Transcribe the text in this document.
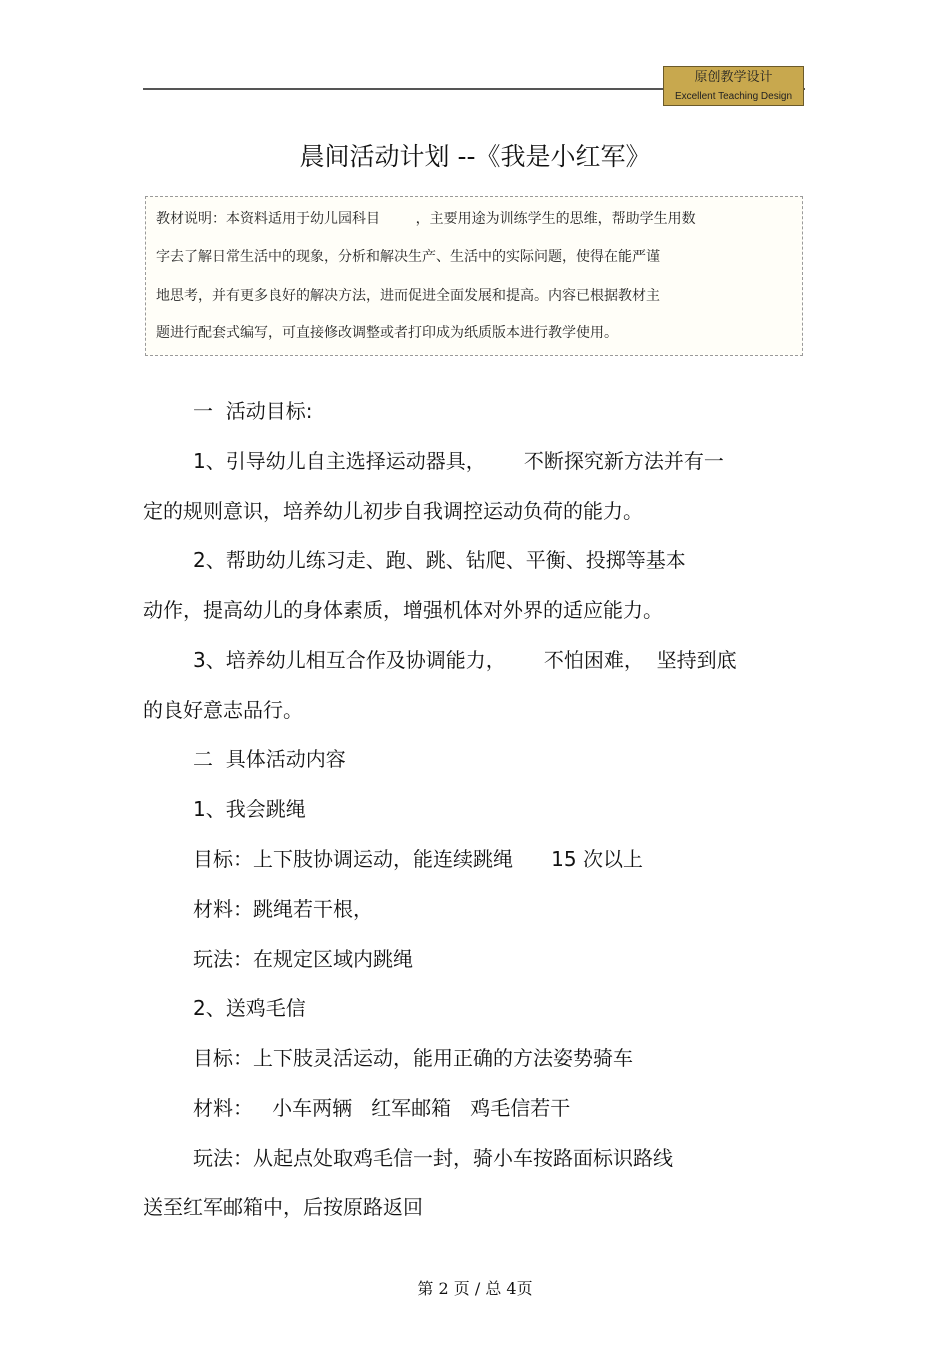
原创教学设计
Excellent Teaching Design
晨间活动计划 --《我是小红军》
教材说明：本资料适用于幼儿园科目        ，主要用途为训练学生的思维，帮助学生用数
字去了解日常生活中的现象，分析和解决生产、生活中的实际问题，使得在能严谨
地思考，并有更多良好的解决方法，进而促进全面发展和提高。内容已根据教材主
题进行配套式编写，可直接修改调整或者打印成为纸质版本进行教学使用。
一  活动目标:
1、引导幼儿自主选择运动器具，      不断探究新方法并有一
定的规则意识，培养幼儿初步自我调控运动负荷的能力。
2、帮助幼儿练习走、跑、跳、钻爬、平衡、投掷等基本
动作，提高幼儿的身体素质，增强机体对外界的适应能力。
3、培养幼儿相互合作及协调能力，      不怕困难，  坚持到底
的良好意志品行。
二  具体活动内容
1、我会跳绳
目标：上下肢协调运动，能连续跳绳      15 次以上
材料：跳绳若干根，
玩法：在规定区域内跳绳
2、送鸡毛信
目标：上下肢灵活运动，能用正确的方法姿势骑车
材料：   小车两辆   红军邮箱   鸡毛信若干
玩法：从起点处取鸡毛信一封，骑小车按路面标识路线
送至红军邮箱中，后按原路返回
第 2 页 / 总 4页
